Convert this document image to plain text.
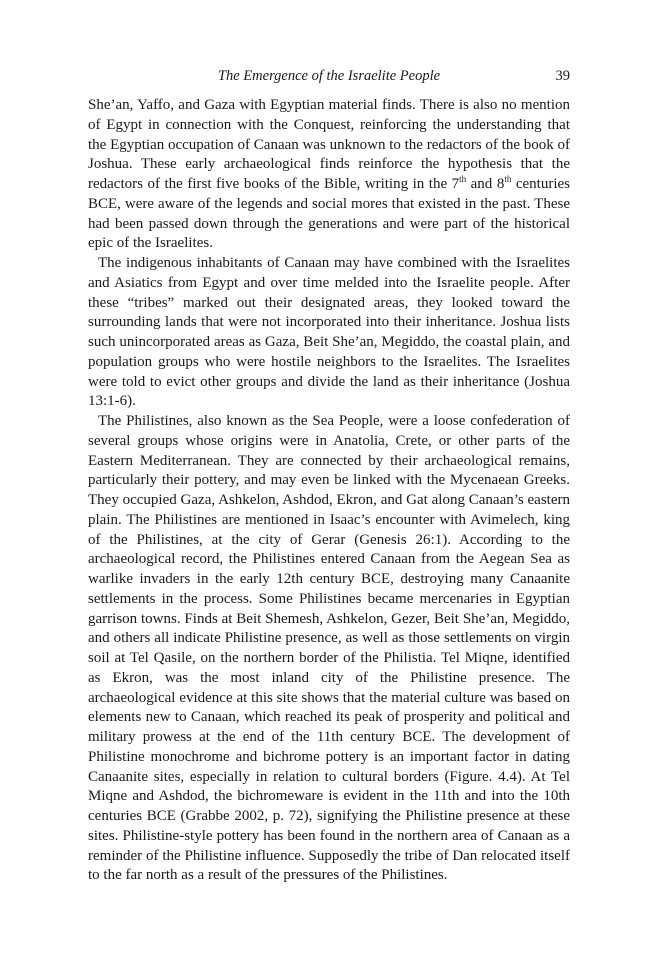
The Emergence of the Israelite People	39

She’an, Yaffo, and Gaza with Egyptian material finds. There is also no mention of Egypt in connection with the Conquest, reinforcing the understanding that the Egyptian occupation of Canaan was unknown to the redactors of the book of Joshua. These early archaeological finds reinforce the hypothesis that the redactors of the first five books of the Bible, writing in the 7th and 8th centuries BCE, were aware of the legends and social mores that existed in the past. These had been passed down through the generations and were part of the historical epic of the Israelites.

The indigenous inhabitants of Canaan may have combined with the Israelites and Asiatics from Egypt and over time melded into the Israelite people. After these “tribes” marked out their designated areas, they looked toward the surrounding lands that were not incorporated into their inheritance. Joshua lists such unincorporated areas as Gaza, Beit She’an, Megiddo, the coastal plain, and population groups who were hostile neighbors to the Israelites. The Israelites were told to evict other groups and divide the land as their inheritance (Joshua 13:1-6).

The Philistines, also known as the Sea People, were a loose confederation of several groups whose origins were in Anatolia, Crete, or other parts of the Eastern Mediterranean. They are connected by their archaeological remains, particularly their pottery, and may even be linked with the Mycenaean Greeks. They occupied Gaza, Ashkelon, Ashdod, Ekron, and Gat along Canaan’s eastern plain. The Philistines are mentioned in Isaac’s encounter with Avimelech, king of the Philistines, at the city of Gerar (Genesis 26:1). According to the archaeological record, the Philistines entered Canaan from the Aegean Sea as warlike invaders in the early 12th century BCE, destroying many Canaanite settlements in the process. Some Philistines became mercenaries in Egyptian garrison towns. Finds at Beit Shemesh, Ashkelon, Gezer, Beit She’an, Megiddo, and others all indicate Philistine presence, as well as those settlements on virgin soil at Tel Qasile, on the northern border of the Philistia. Tel Miqne, identified as Ekron, was the most inland city of the Philistine presence. The archaeological evidence at this site shows that the material culture was based on elements new to Canaan, which reached its peak of prosperity and political and military prowess at the end of the 11th century BCE. The development of Philistine monochrome and bichrome pottery is an important factor in dating Canaanite sites, especially in relation to cultural borders (Figure. 4.4). At Tel Miqne and Ashdod, the bichromeware is evident in the 11th and into the 10th centuries BCE (Grabbe 2002, p. 72), signifying the Philistine presence at these sites. Philistine-style pottery has been found in the northern area of Canaan as a reminder of the Philistine influence. Supposedly the tribe of Dan relocated itself to the far north as a result of the pressures of the Philistines.
